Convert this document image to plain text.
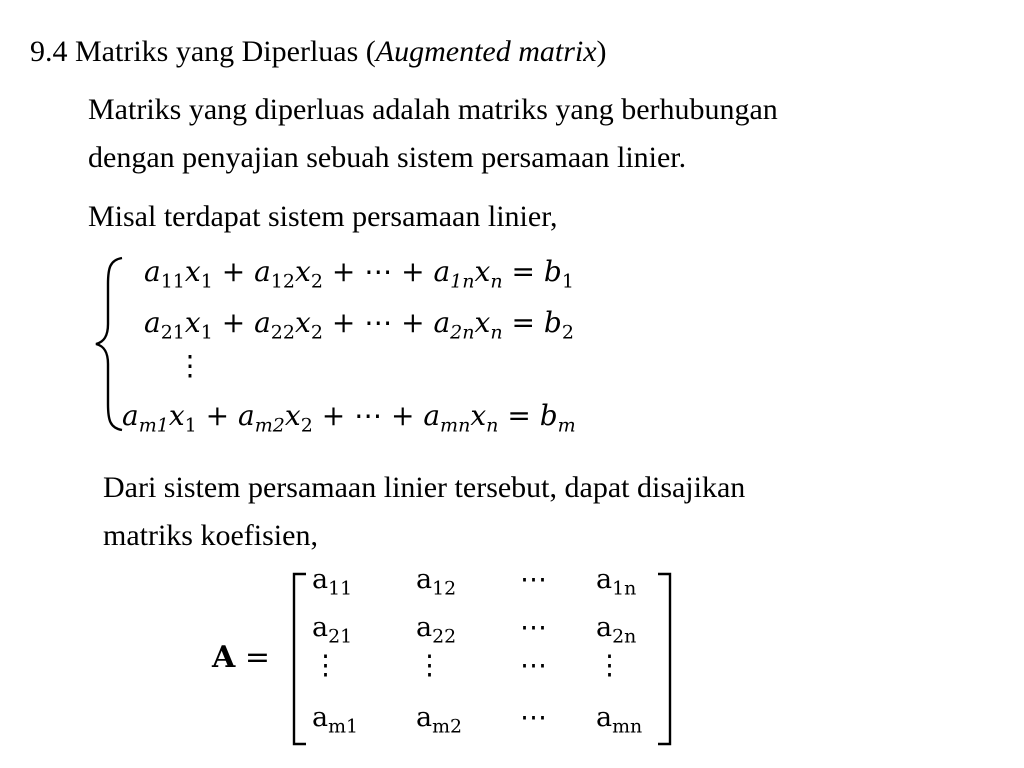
9.4 Matriks yang Diperluas (Augmented matrix)
Matriks yang diperluas adalah matriks yang berhubungan
dengan penyajian sebuah sistem persamaan linier.
Misal terdapat sistem persamaan linier,
$a_{11}x_1 + a_{12}x_2$ + ⋯ + $a_{1n}x_n = b_1$
$a_{21}x_1 + a_{22}x_2$ + ⋯ + $a_{2n}x_n = b_2$
⋮
$a_{m1}x_1 + a_{m2}x_2$ + ⋯ + $a_{mn}x_n = b_m$
Dari sistem persamaan linier tersebut, dapat disajikan
matriks koefisien,
A =
$a_{11}$ $a_{12}$ ⋯ $a_{1n}$
$a_{21}$ $a_{22}$ ⋯ $a_{2n}$
⋮	⋮	⋯ ⋮
$a_{m1}$ $a_{m2}$ ⋯ $a_{mn}$
